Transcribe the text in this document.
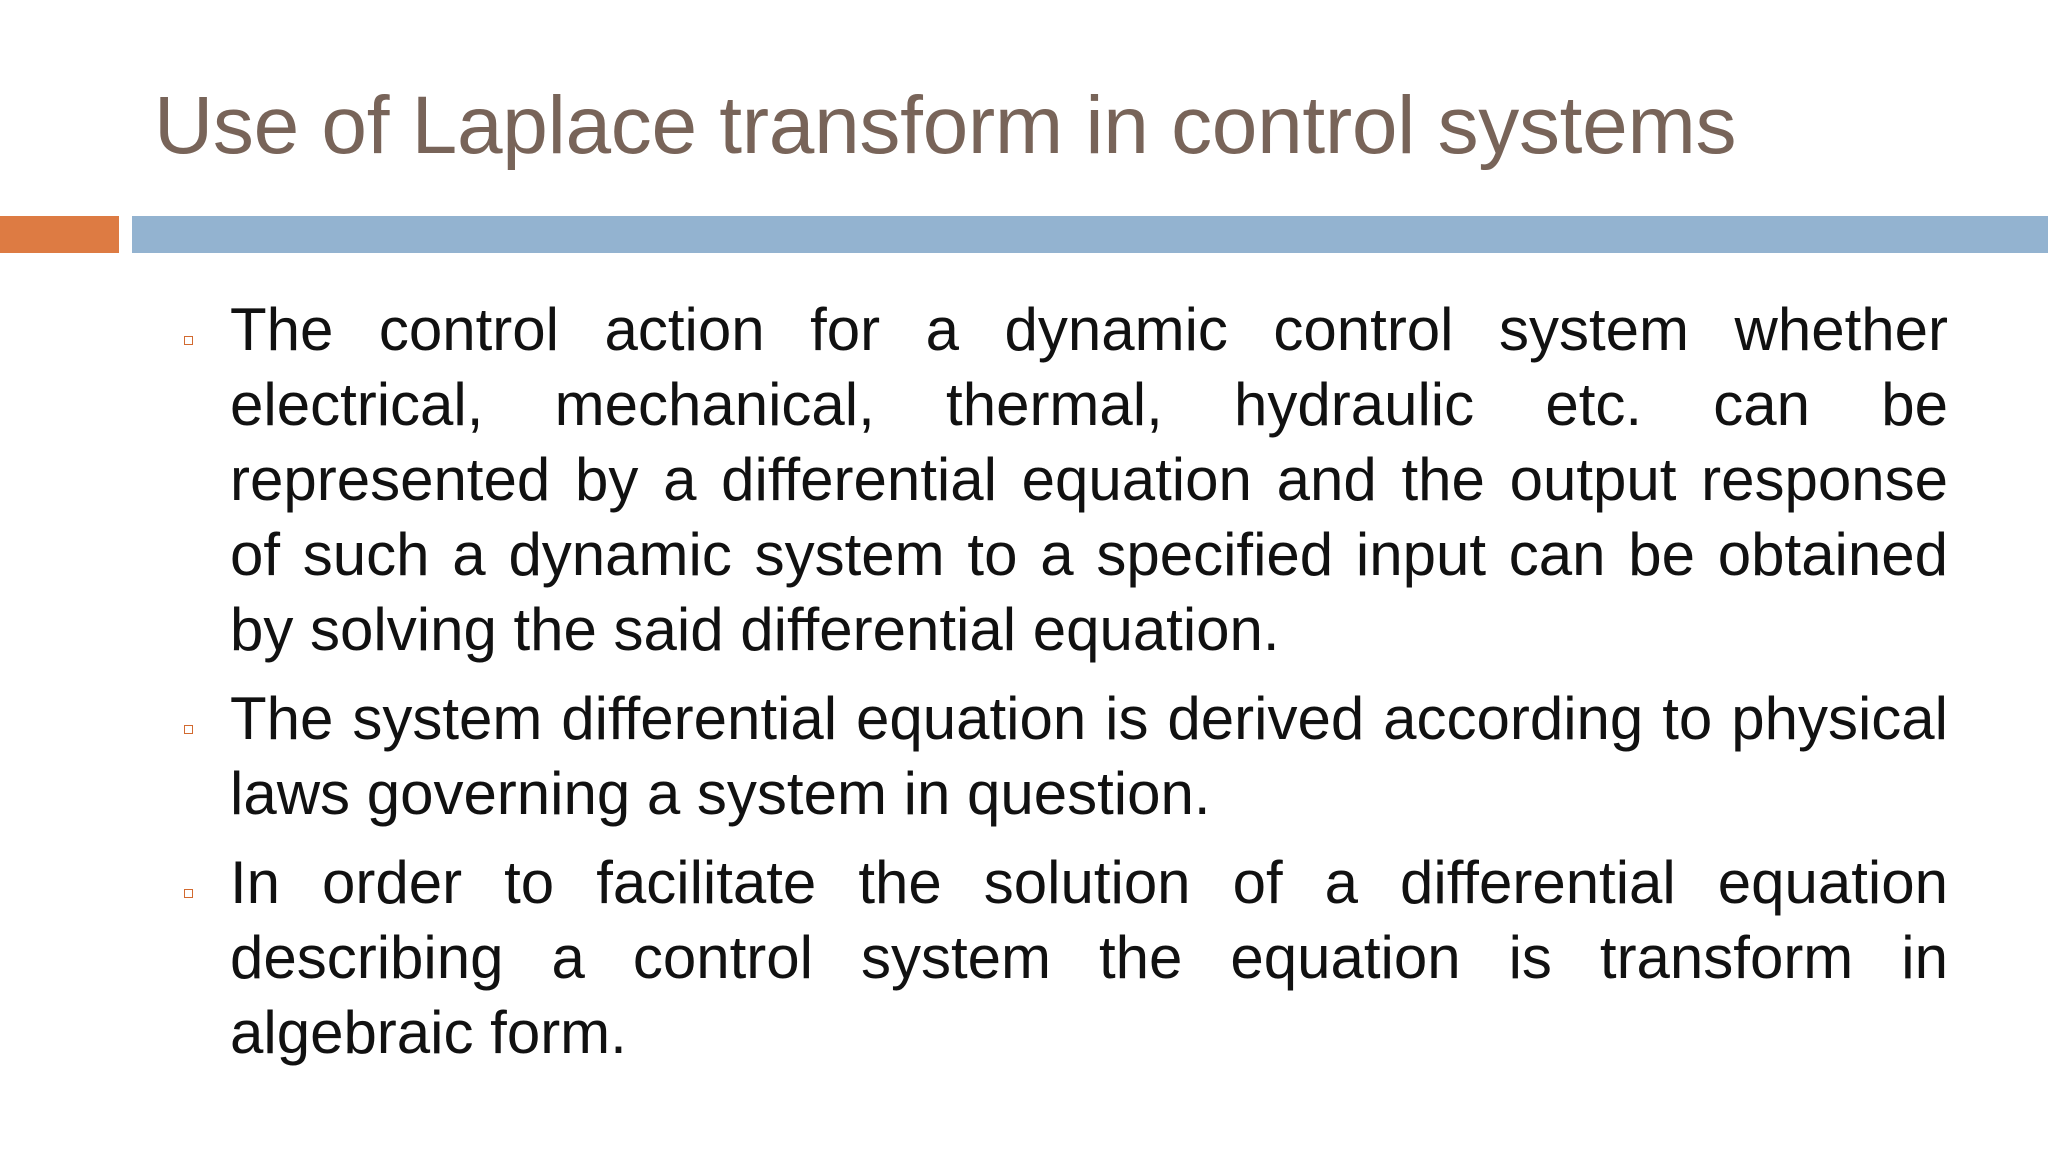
Use of Laplace transform in control systems
The control action for a dynamic control system whether electrical, mechanical, thermal, hydraulic etc. can be represented by a differential equation and the output response of such a dynamic system to a specified input can be obtained by solving the said differential equation.
The system differential equation is derived according to physical laws governing a system in question.
In order to facilitate the solution of a differential equation describing a control system the equation is transform in algebraic form.
